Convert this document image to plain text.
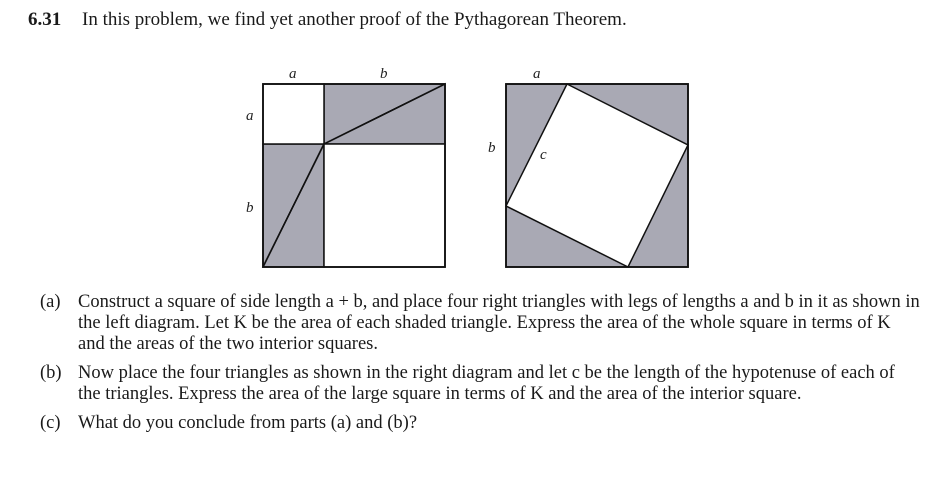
6.31 In this problem, we find yet another proof of the Pythagorean Theorem.
a	b
a
b
a
b	c
(a) Construct a square of side length a + b, and place four right triangles with legs of lengths a and b in it as shown in the left diagram. Let K be the area of each shaded triangle. Express the area of the whole square in terms of K and the areas of the two interior squares.
(b) Now place the four triangles as shown in the right diagram and let c be the length of the hypotenuse of each of the triangles. Express the area of the large square in terms of K and the area of the interior square.
(c) What do you conclude from parts (a) and (b)?
